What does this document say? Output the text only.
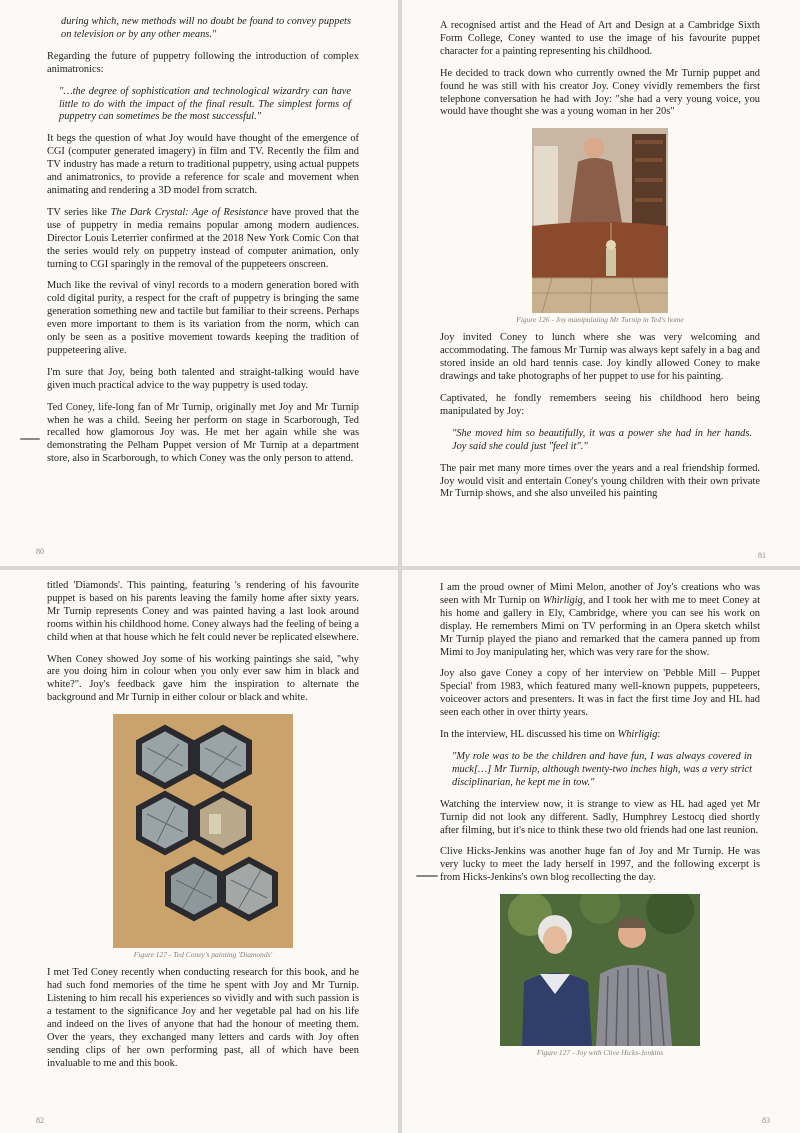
during which, new methods will no doubt be found to convey puppets on television or by any other means."

Regarding the future of puppetry following the introduction of complex animatronics:

"…the degree of sophistication and technological wizardry can have little to do with the impact of the final result. The simplest forms of puppetry can sometimes be the most successful."

It begs the question of what Joy would have thought of the emergence of CGI (computer generated imagery) in film and TV. Recently the film and TV industry has made a return to traditional puppetry, using actual puppets and animatronics, to provide a reference for scale and movement when animating and rendering a 3D model from scratch.

TV series like The Dark Crystal: Age of Resistance have proved that the use of puppetry in media remains popular among modern audiences. Director Louis Leterrier confirmed at the 2018 New York Comic Con that the series would rely on puppetry instead of computer animation, only turning to CGI sparingly in the removal of the puppeteers onscreen.

Much like the revival of vinyl records to a modern generation bored with cold digital purity, a respect for the craft of puppetry is bringing the same generation something new and tactile but familiar to their screens. Perhaps even more important to them is its variation from the norm, which can only be seen as a positive movement towards keeping the tradition of puppeteering alive.

I'm sure that Joy, being both talented and straight-talking would have given much practical advice to the way puppetry is used today.

Ted Coney, life-long fan of Mr Turnip, originally met Joy and Mr Turnip when he was a child. Seeing her perform on stage in Scarborough, Ted recalled how glamorous Joy was. He met her again while she was demonstrating the Pelham Puppet version of Mr Turnip at a department store, also in Scarborough, to which Coney was the only person to attend.

80

A recognised artist and the Head of Art and Design at a Cambridge Sixth Form College, Coney wanted to use the image of his favourite puppet character for a painting representing his childhood.

He decided to track down who currently owned the Mr Turnip puppet and found he was still with his creator Joy. Coney vividly remembers the first telephone conversation he had with Joy: "she had a very young voice, you would have thought she was a young woman in her 20s"

Figure 126 - Joy manipulating Mr Turnip in Ted's home

Joy invited Coney to lunch where she was very welcoming and accommodating. The famous Mr Turnip was always kept safely in a bag and stored inside an old hard tennis case. Joy kindly allowed Coney to make drawings and take photographs of her puppet to use for his painting.

Captivated, he fondly remembers seeing his childhood hero being manipulated by Joy:

"She moved him so beautifully, it was a power she had in her hands. Joy said she could just "feel it"."

The pair met many more times over the years and a real friendship formed. Joy would visit and entertain Coney's young children with their own private Mr Turnip shows, and she also unveiled his painting

81

titled 'Diamonds'. This painting, featuring 's rendering of his favourite puppet is based on his parents leaving the family home after sixty years. Mr Turnip represents Coney and was painted having a last look around rooms within his childhood home. Coney always had the feeling of being a child when at that house which he felt could never be replicated elsewhere.

When Coney showed Joy some of his working paintings she said, "why are you doing him in colour when you only ever saw him in black and white?". Joy's feedback gave him the inspiration to alternate the background and Mr Turnip in either colour or black and white.

Figure 127 - Ted Coney's painting 'Diamonds'

I met Ted Coney recently when conducting research for this book, and he had such fond memories of the time he spent with Joy and Mr Turnip. Listening to him recall his experiences so vividly and with such passion is a testament to the significance Joy and her vegetable pal had on his life and indeed on the lives of anyone that had the honour of meeting them. Over the years, they exchanged many letters and cards with Joy often sending clips of her own performing past, all of which have been invaluable to me and this book.

82

I am the proud owner of Mimi Melon, another of Joy's creations who was seen with Mr Turnip on Whirligig, and I took her with me to meet Coney at his home and gallery in Ely, Cambridge, where you can see his work on display. He remembers Mimi on TV performing in an Opera sketch whilst Mr Turnip played the piano and remarked that the camera panned up from Mimi to Joy manipulating her, which was very rare for the show.

Joy also gave Coney a copy of her interview on 'Pebble Mill – Puppet Special' from 1983, which featured many well-known puppets, puppeteers, voiceover actors and presenters. It was in fact the first time Joy and HL had seen each other in over thirty years.

In the interview, HL discussed his time on Whirligig:

"My role was to be the children and have fun, I was always covered in muck[…] Mr Turnip, although twenty-two inches high, was a very strict disciplinarian, he kept me in tow."

Watching the interview now, it is strange to view as HL had aged yet Mr Turnip did not look any different. Sadly, Humphrey Lestocq died shortly after filming, but it's nice to think these two old friends had one last reunion.

Clive Hicks-Jenkins was another huge fan of Joy and Mr Turnip. He was very lucky to meet the lady herself in 1997, and the following excerpt is from Hicks-Jenkins's own blog recollecting the day.

Figure 127 - Joy with Clive Hicks-Jenkins
83
